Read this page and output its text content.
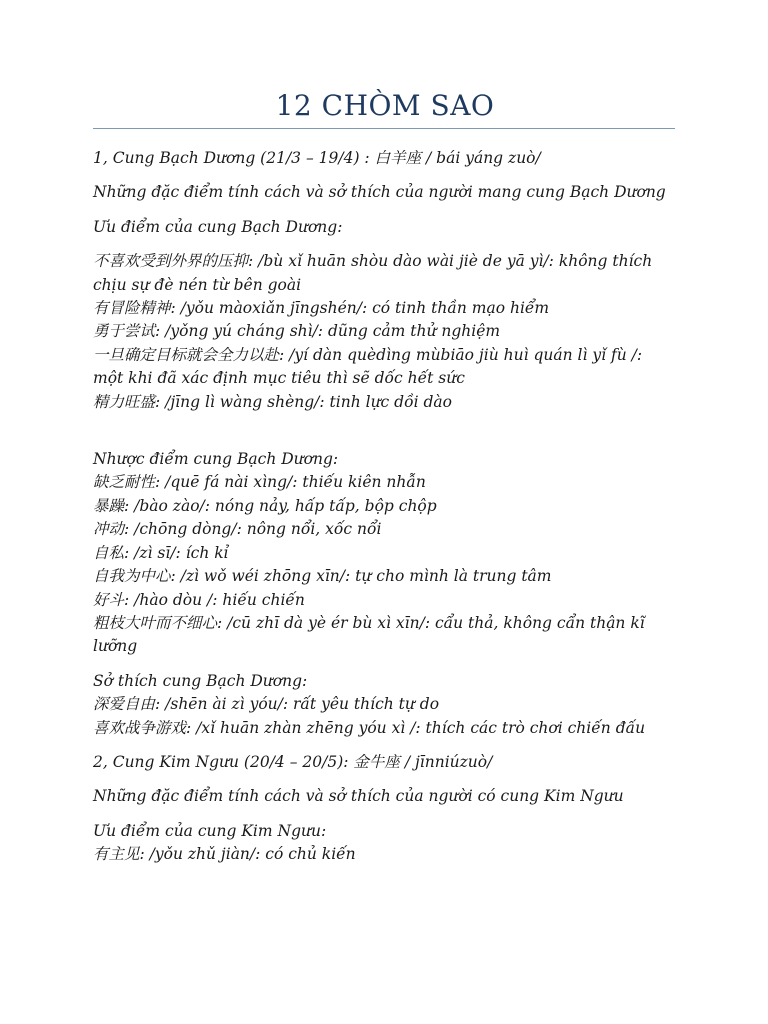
12 CHÒM SAO

1, Cung Bạch Dương (21/3 – 19/4) : 白羊座 / bái yáng zuò/

Những đặc điểm tính cách và sở thích của người mang cung Bạch Dương

Ưu điểm của cung Bạch Dương:

不喜欢受到外界的压抑: /bù xǐ huān shòu dào wài jiè de yā yì/: không thích chịu sự đè nén từ bên goài

有冒险精神: /yǒu màoxiǎn jīngshén/: có tinh thần mạo hiểm

勇于尝试: /yǒng yú cháng shì/: dũng cảm thử nghiệm

一旦确定目标就会全力以赴: /yí dàn quèdìng mùbiāo jiù huì quán lì yǐ fù /: một khi đã xác định mục tiêu thì sẽ dốc hết sức

精力旺盛: /jīng lì wàng shèng/: tinh lực dồi dào

Nhược điểm cung Bạch Dương:

缺乏耐性: /quē fá nài xìng/: thiếu kiên nhẫn

暴躁: /bào zào/: nóng nảy, hấp tấp, bộp chộp

冲动: /chōng dòng/: nông nổi, xốc nổi

自私: /zì sī/: ích kỉ

自我为中心: /zì wǒ wéi zhōng xīn/: tự cho mình là trung tâm

好斗: /hào dòu /: hiếu chiến

粗枝大叶而不细心: /cū zhī dà yè ér bù xì xīn/: cẩu thả, không cẩn thận kĩ lưỡng

Sở thích cung Bạch Dương:

深爱自由: /shēn ài zì yóu/: rất yêu thích tự do

喜欢战争游戏: /xǐ huān zhàn zhēng yóu xì /: thích các trò chơi chiến đấu

2, Cung Kim Ngưu (20/4 – 20/5): 金牛座 / jīnniúzuò/

Những đặc điểm tính cách và sở thích của người có cung Kim Ngưu

Ưu điểm của cung Kim Ngưu:

有主见: /yǒu zhǔ jiàn/: có chủ kiến
